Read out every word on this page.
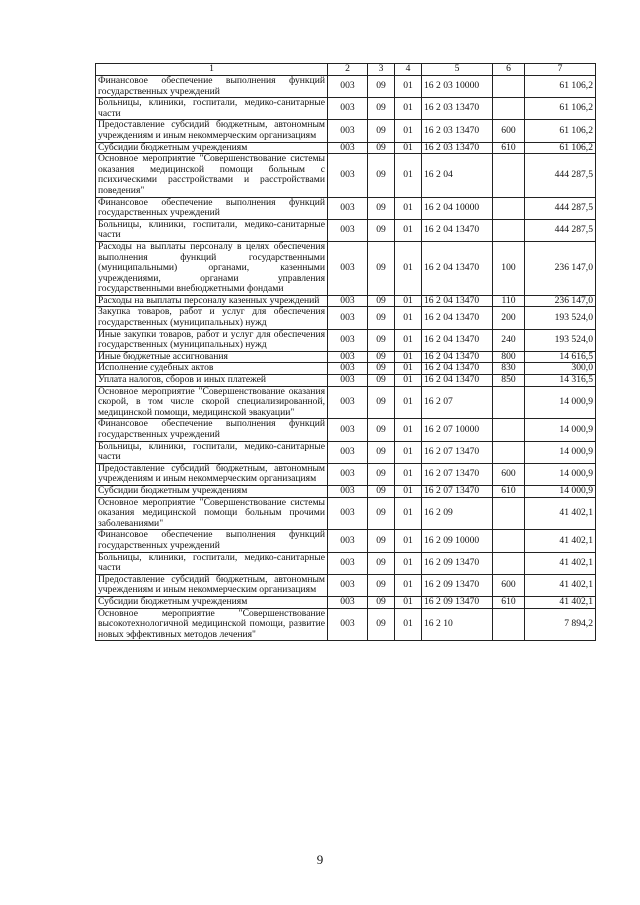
1	2	3	4	5	6	7
Финансовое обеспечение выполнения функций государственных учреждений	003	09	01	16 2 03 10000		61 106,2
Больницы, клиники, госпитали, медико-санитарные части	003	09	01	16 2 03 13470		61 106,2
Предоставление субсидий бюджетным, автономным учреждениям и иным некоммерческим организациям	003	09	01	16 2 03 13470	600	61 106,2
Субсидии бюджетным учреждениям	003	09	01	16 2 03 13470	610	61 106,2
Основное мероприятие "Совершенствование системы оказания медицинской помощи больным с психическими расстройствами и расстройствами поведения"	003	09	01	16 2 04		444 287,5
Финансовое обеспечение выполнения функций государственных учреждений	003	09	01	16 2 04 10000		444 287,5
Больницы, клиники, госпитали, медико-санитарные части	003	09	01	16 2 04 13470		444 287,5
Расходы на выплаты персоналу в целях обеспечения выполнения функций государственными (муниципальными) органами, казенными учреждениями, органами управления государственными внебюджетными фондами	003	09	01	16 2 04 13470	100	236 147,0
Расходы на выплаты персоналу казенных учреждений	003	09	01	16 2 04 13470	110	236 147,0
Закупка товаров, работ и услуг для обеспечения государственных (муниципальных) нужд	003	09	01	16 2 04 13470	200	193 524,0
Иные закупки товаров, работ и услуг для обеспечения государственных (муниципальных) нужд	003	09	01	16 2 04 13470	240	193 524,0
Иные бюджетные ассигнования	003	09	01	16 2 04 13470	800	14 616,5
Исполнение судебных актов	003	09	01	16 2 04 13470	830	300,0
Уплата налогов, сборов и иных платежей	003	09	01	16 2 04 13470	850	14 316,5
Основное мероприятие "Совершенствование оказания скорой, в том числе скорой специализированной, медицинской помощи, медицинской эвакуации"	003	09	01	16 2 07		14 000,9
Финансовое обеспечение выполнения функций государственных учреждений	003	09	01	16 2 07 10000		14 000,9
Больницы, клиники, госпитали, медико-санитарные части	003	09	01	16 2 07 13470		14 000,9
Предоставление субсидий бюджетным, автономным учреждениям и иным некоммерческим организациям	003	09	01	16 2 07 13470	600	14 000,9
Субсидии бюджетным учреждениям	003	09	01	16 2 07 13470	610	14 000,9
Основное мероприятие "Совершенствование системы оказания медицинской помощи больным прочими заболеваниями"	003	09	01	16 2 09		41 402,1
Финансовое обеспечение выполнения функций государственных учреждений	003	09	01	16 2 09 10000		41 402,1
Больницы, клиники, госпитали, медико-санитарные части	003	09	01	16 2 09 13470		41 402,1
Предоставление субсидий бюджетным, автономным учреждениям и иным некоммерческим организациям	003	09	01	16 2 09 13470	600	41 402,1
Субсидии бюджетным учреждениям	003	09	01	16 2 09 13470	610	41 402,1
Основное мероприятие "Совершенствование высокотехнологичной медицинской помощи, развитие новых эффективных методов лечения"	003	09	01	16 2 10		7 894,2
9
